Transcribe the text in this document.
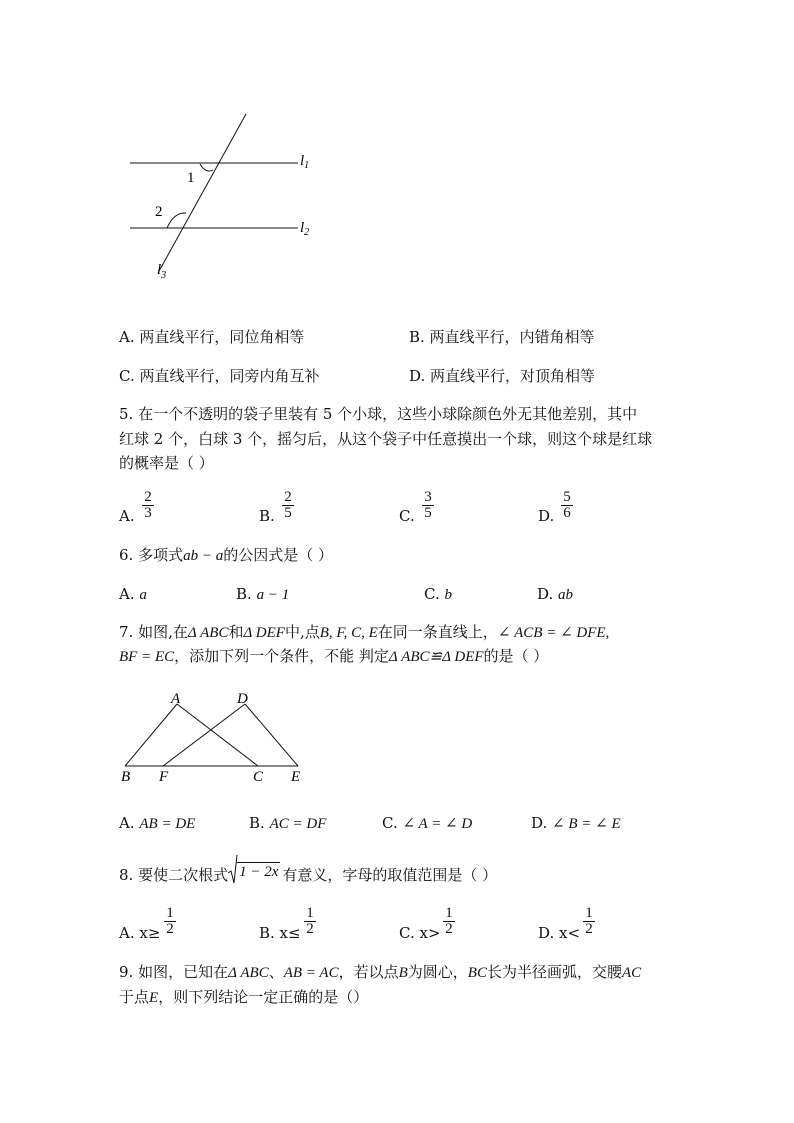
1
2
$l_1$
$l_2$
$l_3$
A. 两直线平行，同位角相等	B. 两直线平行，内错角相等
C. 两直线平行，同旁内角互补	D. 两直线平行，对顶角相等
5. 在一个不透明的袋子里装有 5 个小球，这些小球除颜色外无其他差别，其中
红球 2 个，白球 3 个，摇匀后，从这个袋子中任意摸出一个球，则这个球是红球
的概率是（ ）
A.
2
3	B.
2
5	C.
3
5	D.
5
6
6. 多项式ab − a的公因式是（ ）
A. a	B. a − 1	C. b	D. ab
7. 如图,在Δ ABC和Δ DEF中,点B, F, C, E在同一条直线上，∠ ACB = ∠ DFE,
BF = EC，添加下列一个条件，不能 判定Δ ABC≌Δ DEF的是（ ）
A	D
B F	C E
A. AB = DE	B. AC = DF	C. ∠ A = ∠ D	D. ∠ B = ∠ E
8. 要使二次根式 1 − 2x 有意义，字母的取值范围是（ ）
A. x≥
1
2	B. x≤
1
2	C. x>
1
2	D. x<
1
2
9. 如图，已知在Δ ABC、AB = AC，若以点B为圆心，BC长为半径画弧，交腰AC
于点E，则下列结论一定正确的是（）
